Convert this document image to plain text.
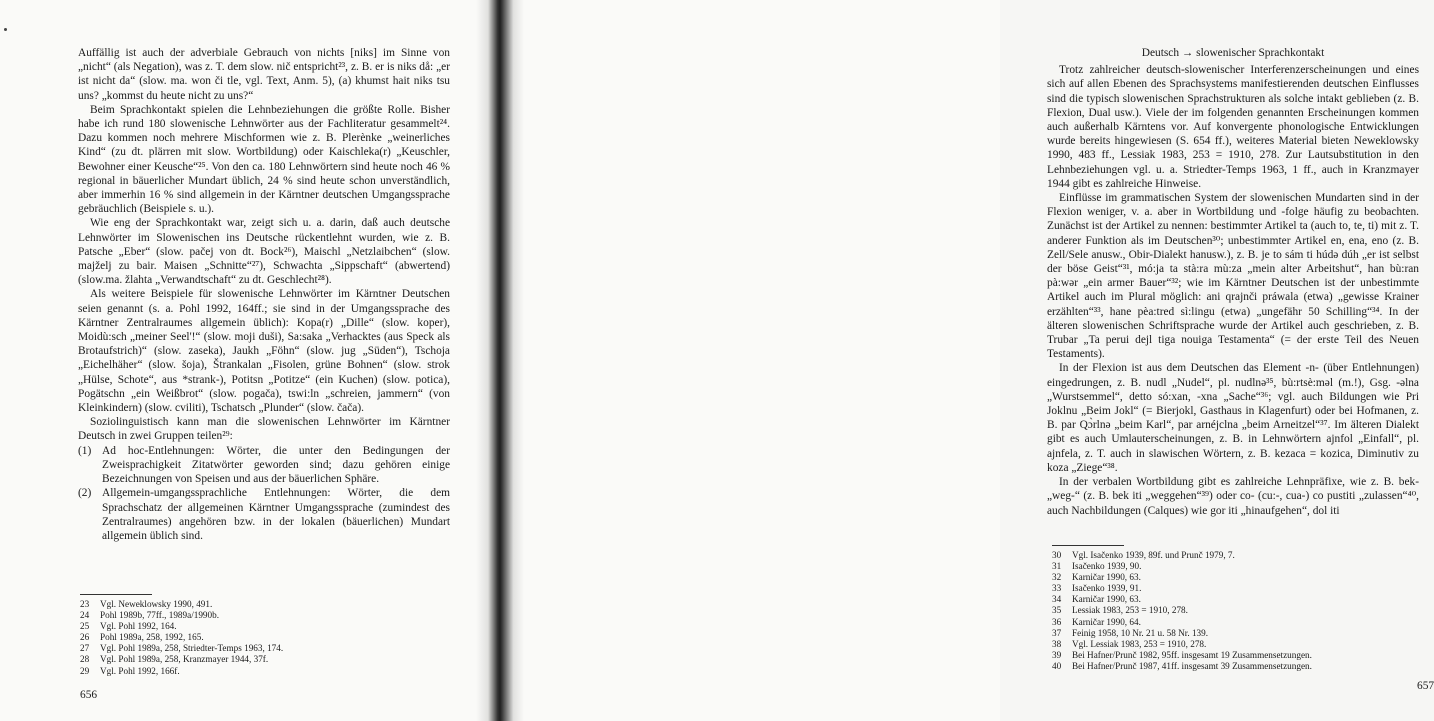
Auffällig ist auch der adverbiale Gebrauch von nichts [niks] im Sinne von „nicht“ (als Negation), was z. T. dem slow. nič entspricht²³, z. B. er is niks då: „er ist nicht da“ (slow. ma. won či tle, vgl. Text, Anm. 5), (a) khumst hait niks tsu uns? „kommst du heute nicht zu uns?“

Beim Sprachkontakt spielen die Lehnbeziehungen die größte Rolle. Bisher habe ich rund 180 slowenische Lehnwörter aus der Fachliteratur gesammelt²⁴. Dazu kommen noch mehrere Mischformen wie z. B. Plerènke „weinerliches Kind“ (zu dt. plärren mit slow. Wortbildung) oder Kaischleka(r) „Keuschler, Bewohner einer Keusche“²⁵. Von den ca. 180 Lehnwörtern sind heute noch 46 % regional in bäuerlicher Mundart üblich, 24 % sind heute schon unverständlich, aber immerhin 16 % sind allgemein in der Kärntner deutschen Umgangssprache gebräuchlich (Beispiele s. u.).

Wie eng der Sprachkontakt war, zeigt sich u. a. darin, daß auch deutsche Lehnwörter im Slowenischen ins Deutsche rückentlehnt wurden, wie z. B. Patsche „Eber“ (slow. pačej von dt. Bock²⁶), Maischl „Netzlaibchen“ (slow. majželj zu bair. Maisen „Schnitte“²⁷), Schwachta „Sippschaft“ (abwertend) (slow.ma. žlahta „Verwandtschaft“ zu dt. Geschlecht²⁸).

Als weitere Beispiele für slowenische Lehnwörter im Kärntner Deutschen seien genannt (s. a. Pohl 1992, 164ff.; sie sind in der Umgangssprache des Kärntner Zentralraumes allgemein üblich): Kopa(r) „Dille“ (slow. koper), Moidù:sch „meiner Seel'!“ (slow. moji duši), Sa:saka „Verhacktes (aus Speck als Brotaufstrich)“ (slow. zaseka), Jaukh „Föhn“ (slow. jug „Süden“), Tschoja „Eichelhäher“ (slow. šoja), Štrankalan „Fisolen, grüne Bohnen“ (slow. strok „Hülse, Schote“, aus *strank-), Potitsn „Potitze“ (ein Kuchen) (slow. potica), Pogätschn „ein Weißbrot“ (slow. pogača), tswi:ln „schreien, jammern“ (von Kleinkindern) (slow. cviliti), Tschatsch „Plunder“ (slow. čača).

Soziolinguistisch kann man die slowenischen Lehnwörter im Kärntner Deutsch in zwei Gruppen teilen²⁹:

(1) Ad hoc-Entlehnungen: Wörter, die unter den Bedingungen der Zweisprachigkeit Zitatwörter geworden sind; dazu gehören einige Bezeichnungen von Speisen und aus der bäuerlichen Sphäre.
(2) Allgemein-umgangssprachliche Entlehnungen: Wörter, die dem Sprachschatz der allgemeinen Kärntner Umgangssprache (zumindest des Zentralraumes) angehören bzw. in der lokalen (bäuerlichen) Mundart allgemein üblich sind.
23 Vgl. Neweklowsky 1990, 491.
24 Pohl 1989b, 77ff., 1989a/1990b.
25 Vgl. Pohl 1992, 164.
26 Pohl 1989a, 258, 1992, 165.
27 Vgl. Pohl 1989a, 258, Striedter-Temps 1963, 174.
28 Vgl. Pohl 1989a, 258, Kranzmayer 1944, 37f.
29 Vgl. Pohl 1992, 166f.
656

Deutsch → slowenischer Sprachkontakt

Trotz zahlreicher deutsch-slowenischer Interferenzerscheinungen und eines sich auf allen Ebenen des Sprachsystems manifestierenden deutschen Einflusses sind die typisch slowenischen Sprachstrukturen als solche intakt geblieben (z. B. Flexion, Dual usw.). Viele der im folgenden genannten Erscheinungen kommen auch außerhalb Kärntens vor. Auf konvergente phonologische Entwicklungen wurde bereits hingewiesen (S. 654 ff.), weiteres Material bieten Neweklowsky 1990, 483 ff., Lessiak 1983, 253 = 1910, 278. Zur Lautsubstitution in den Lehnbeziehungen vgl. u. a. Striedter-Temps 1963, 1 ff., auch in Kranzmayer 1944 gibt es zahlreiche Hinweise.

Einflüsse im grammatischen System der slowenischen Mundarten sind in der Flexion weniger, v. a. aber in Wortbildung und -folge häufig zu beobachten. Zunächst ist der Artikel zu nennen: bestimmter Artikel ta (auch to, te, ti) mit z. T. anderer Funktion als im Deutschen³⁰; unbestimmter Artikel en, ena, eno (z. B. Zell/Sele anusw., Obir-Dialekt hanusw.), z. B. je to sám ti húdə dúh „er ist selbst der böse Geist“³¹, mó:ja ta stà:ra mù:za „mein alter Arbeitshut“, han bù:ran pà:wər „ein armer Bauer“³²; wie im Kärntner Deutschen ist der unbestimmte Artikel auch im Plural möglich: ani qrajnči práwala (etwa) „gewisse Krainer erzählten“³³, hane pèa:tred sì:lingu (etwa) „ungefähr 50 Schilling“³⁴. In der älteren slowenischen Schriftsprache wurde der Artikel auch geschrieben, z. B. Trubar „Ta perui dejl tiga nouiga Testamenta“ (= der erste Teil des Neuen Testaments).

In der Flexion ist aus dem Deutschen das Element -n- (über Entlehnungen) eingedrungen, z. B. nudl „Nudel“, pl. nudlnə³⁵, bù:rtsè:məl (m.!), Gsg. -əlna „Wurstsemmel“, detto só:xan, -xna „Sache“³⁶; vgl. auch Bildungen wie Pri Joklnu „Beim Jokl“ (= Bierjokl, Gasthaus in Klagenfurt) oder bei Hofmanen, z. B. par Qɔ̀rlnə „beim Karl“, par arnéjclna „beim Arneitzel“³⁷. Im älteren Dialekt gibt es auch Umlauterscheinungen, z. B. in Lehnwörtern ajnfol „Einfall“, pl. ajnfela, z. T. auch in slawischen Wörtern, z. B. kezaca = kozica, Diminutiv zu koza „Ziege“³⁸.

In der verbalen Wortbildung gibt es zahlreiche Lehnpräfixe, wie z. B. bek- „weg-“ (z. B. bek iti „weggehen“³⁹) oder co- (cu:-, cua-) co pustiti „zulassen“⁴⁰, auch Nachbildungen (Calques) wie gor iti „hinaufgehen“, dol iti

30 Vgl. Isačenko 1939, 89f. und Prunč 1979, 7.
31 Isačenko 1939, 90.
32 Karničar 1990, 63.
33 Isačenko 1939, 91.
34 Karničar 1990, 63.
35 Lessiak 1983, 253 = 1910, 278.
36 Karničar 1990, 64.
37 Feinig 1958, 10 Nr. 21 u. 58 Nr. 139.
38 Vgl. Lessiak 1983, 253 = 1910, 278.
39 Bei Hafner/Prunč 1982, 95ff. insgesamt 19 Zusammensetzungen.
40 Bei Hafner/Prunč 1987, 41ff. insgesamt 39 Zusammensetzungen.
657
